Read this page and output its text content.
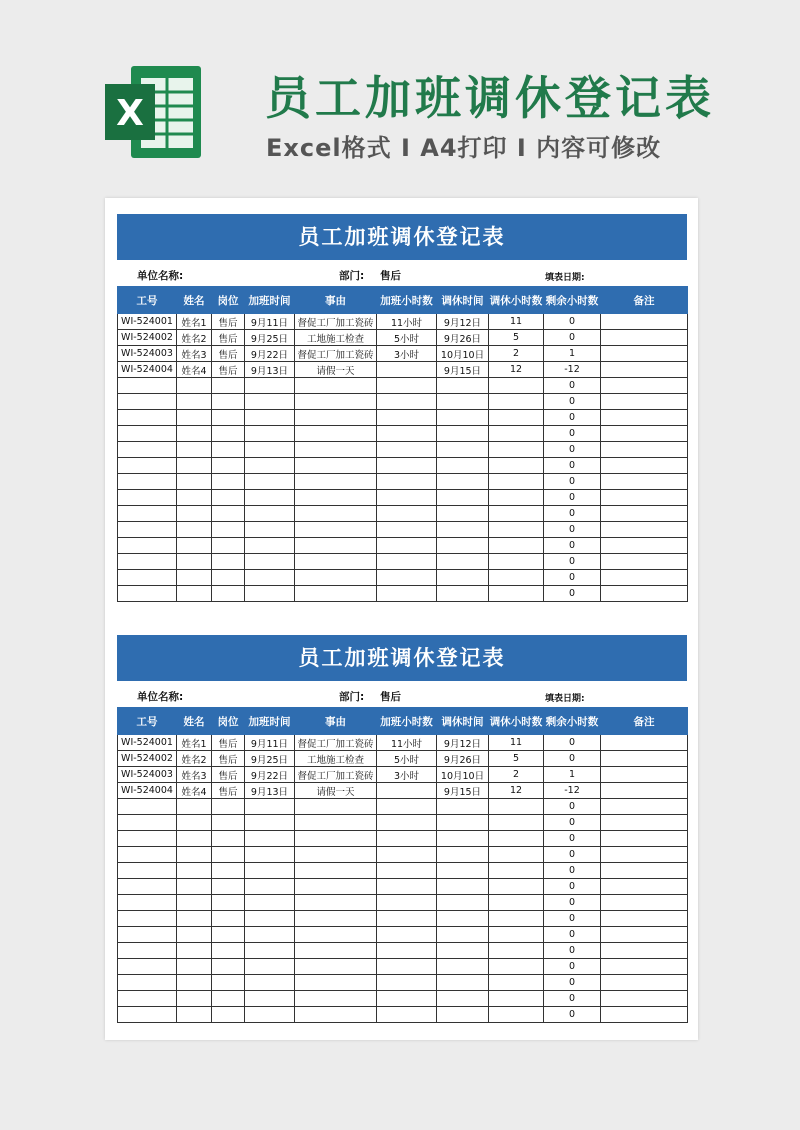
X	员工加班调休登记表
Excel格式 I A4打印 I 内容可修改
员工加班调休登记表
单位名称:	部门: 售后	填表日期:
工号	姓名	岗位	加班时间	事由	加班小时数	调休时间	调休小时数	剩余小时数	备注
WI-524001	姓名1	售后	9月11日	督促工厂加工瓷砖	11小时	9月12日	11	0	
WI-524002	姓名2	售后	9月25日	工地施工检查	5小时	9月26日	5	0	
WI-524003	姓名3	售后	9月22日	督促工厂加工瓷砖	3小时	10月10日	2	1	
WI-524004	姓名4	售后	9月13日	请假一天		9月15日	12	-12	
								0	
								0	
								0	
								0	
								0	
								0	
								0	
								0	
								0	
								0	
								0	
								0	
								0	
								0	
员工加班调休登记表
单位名称:	部门: 售后	填表日期:
工号	姓名	岗位	加班时间	事由	加班小时数	调休时间	调休小时数	剩余小时数	备注
WI-524001	姓名1	售后	9月11日	督促工厂加工瓷砖	11小时	9月12日	11	0	
WI-524002	姓名2	售后	9月25日	工地施工检查	5小时	9月26日	5	0	
WI-524003	姓名3	售后	9月22日	督促工厂加工瓷砖	3小时	10月10日	2	1	
WI-524004	姓名4	售后	9月13日	请假一天		9月15日	12	-12	
								0	
								0	
								0	
								0	
								0	
								0	
								0	
								0	
								0	
								0	
								0	
								0	
								0	
								0	
